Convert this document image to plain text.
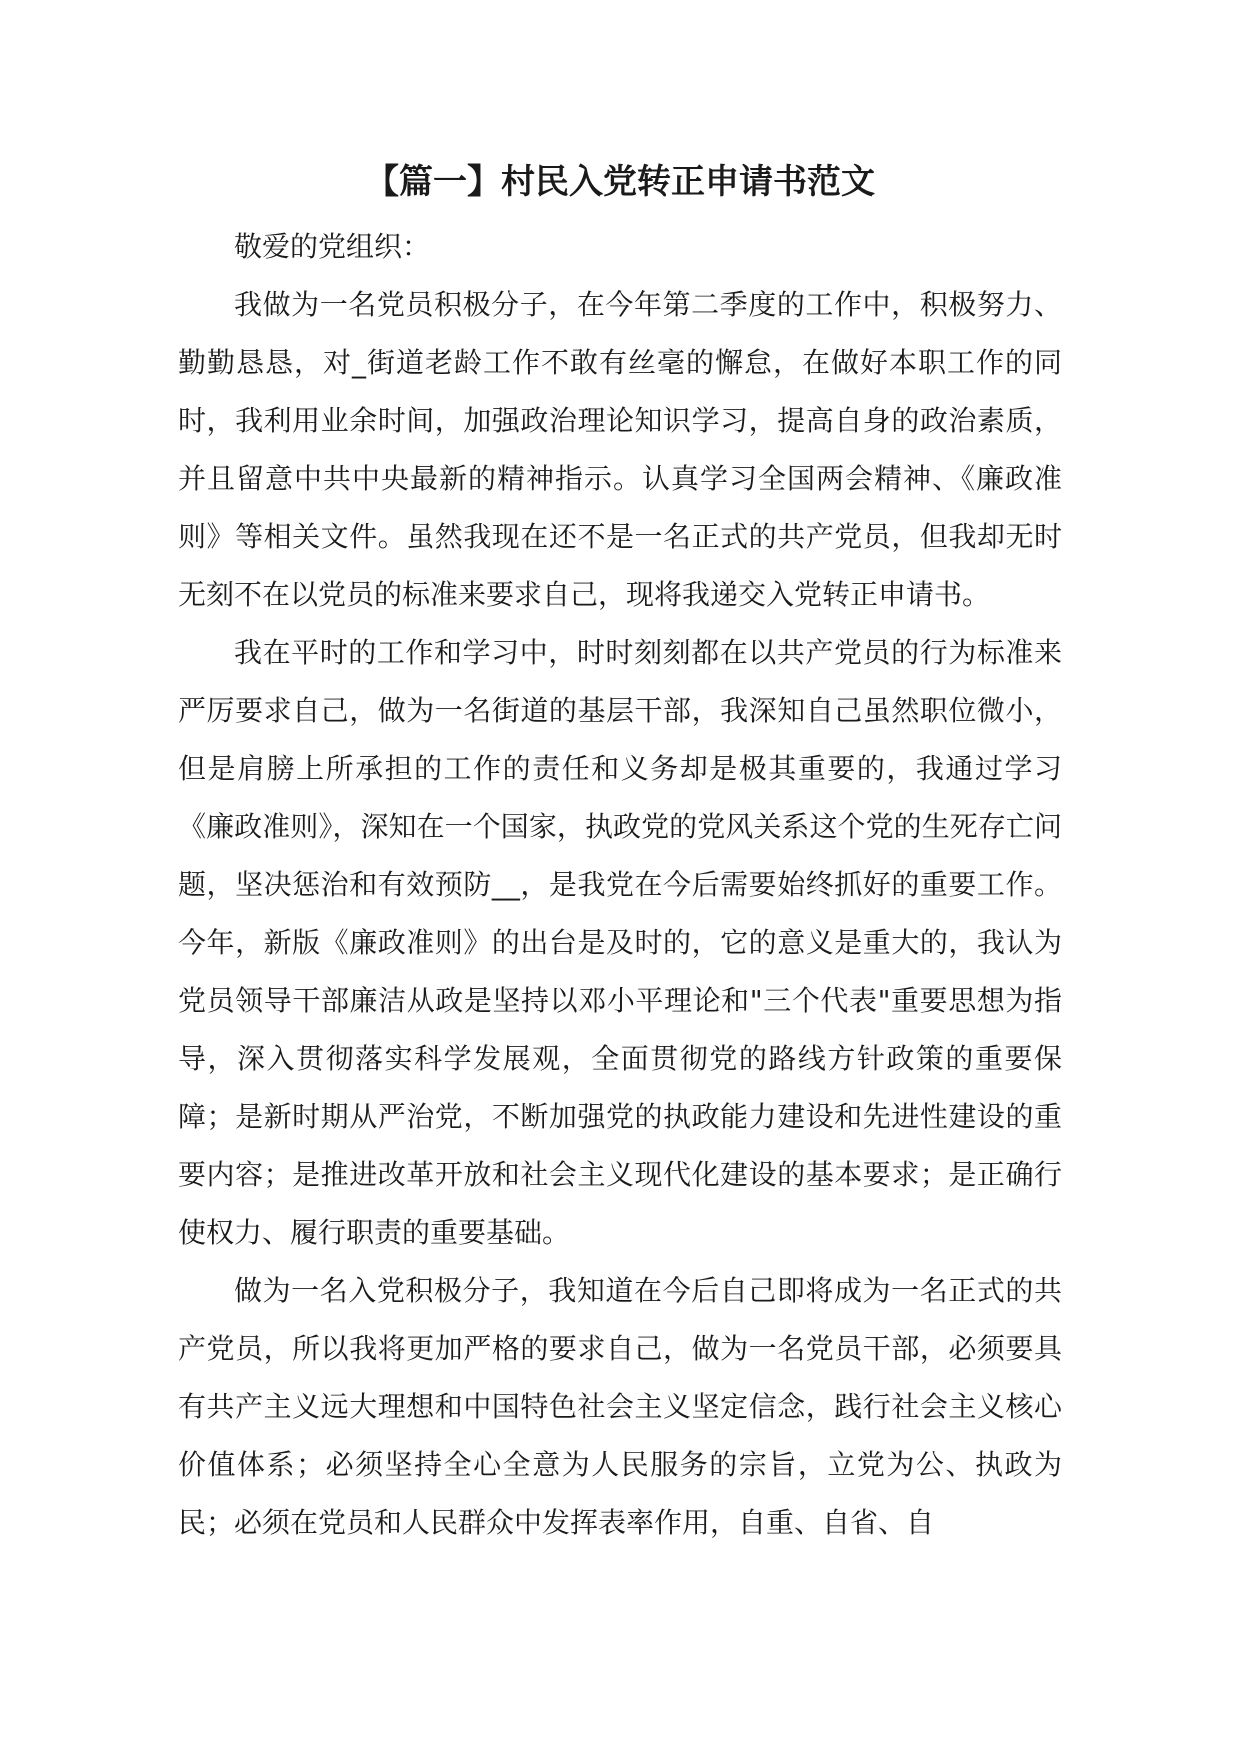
【篇一】村民入党转正申请书范文

敬爱的党组织：

我做为一名党员积极分子，在今年第二季度的工作中，积极努力、勤勤恳恳，对_街道老龄工作不敢有丝毫的懈怠，在做好本职工作的同时，我利用业余时间，加强政治理论知识学习，提高自身的政治素质，并且留意中共中央最新的精神指示。认真学习全国两会精神、《廉政准则》等相关文件。虽然我现在还不是一名正式的共产党员，但我却无时无刻不在以党员的标准来要求自己，现将我递交入党转正申请书。

我在平时的工作和学习中，时时刻刻都在以共产党员的行为标准来严厉要求自己，做为一名街道的基层干部，我深知自己虽然职位微小，但是肩膀上所承担的工作的责任和义务却是极其重要的，我通过学习《廉政准则》，深知在一个国家，执政党的党风关系这个党的生死存亡问题，坚决惩治和有效预防__，是我党在今后需要始终抓好的重要工作。今年，新版《廉政准则》的出台是及时的，它的意义是重大的，我认为党员领导干部廉洁从政是坚持以邓小平理论和"三个代表"重要思想为指导，深入贯彻落实科学发展观，全面贯彻党的路线方针政策的重要保障；是新时期从严治党，不断加强党的执政能力建设和先进性建设的重要内容；是推进改革开放和社会主义现代化建设的基本要求；是正确行使权力、履行职责的重要基础。

做为一名入党积极分子，我知道在今后自己即将成为一名正式的共产党员，所以我将更加严格的要求自己，做为一名党员干部，必须要具有共产主义远大理想和中国特色社会主义坚定信念，践行社会主义核心价值体系；必须坚持全心全意为人民服务的宗旨，立党为公、执政为民；必须在党员和人民群众中发挥表率作用，自重、自省、自
